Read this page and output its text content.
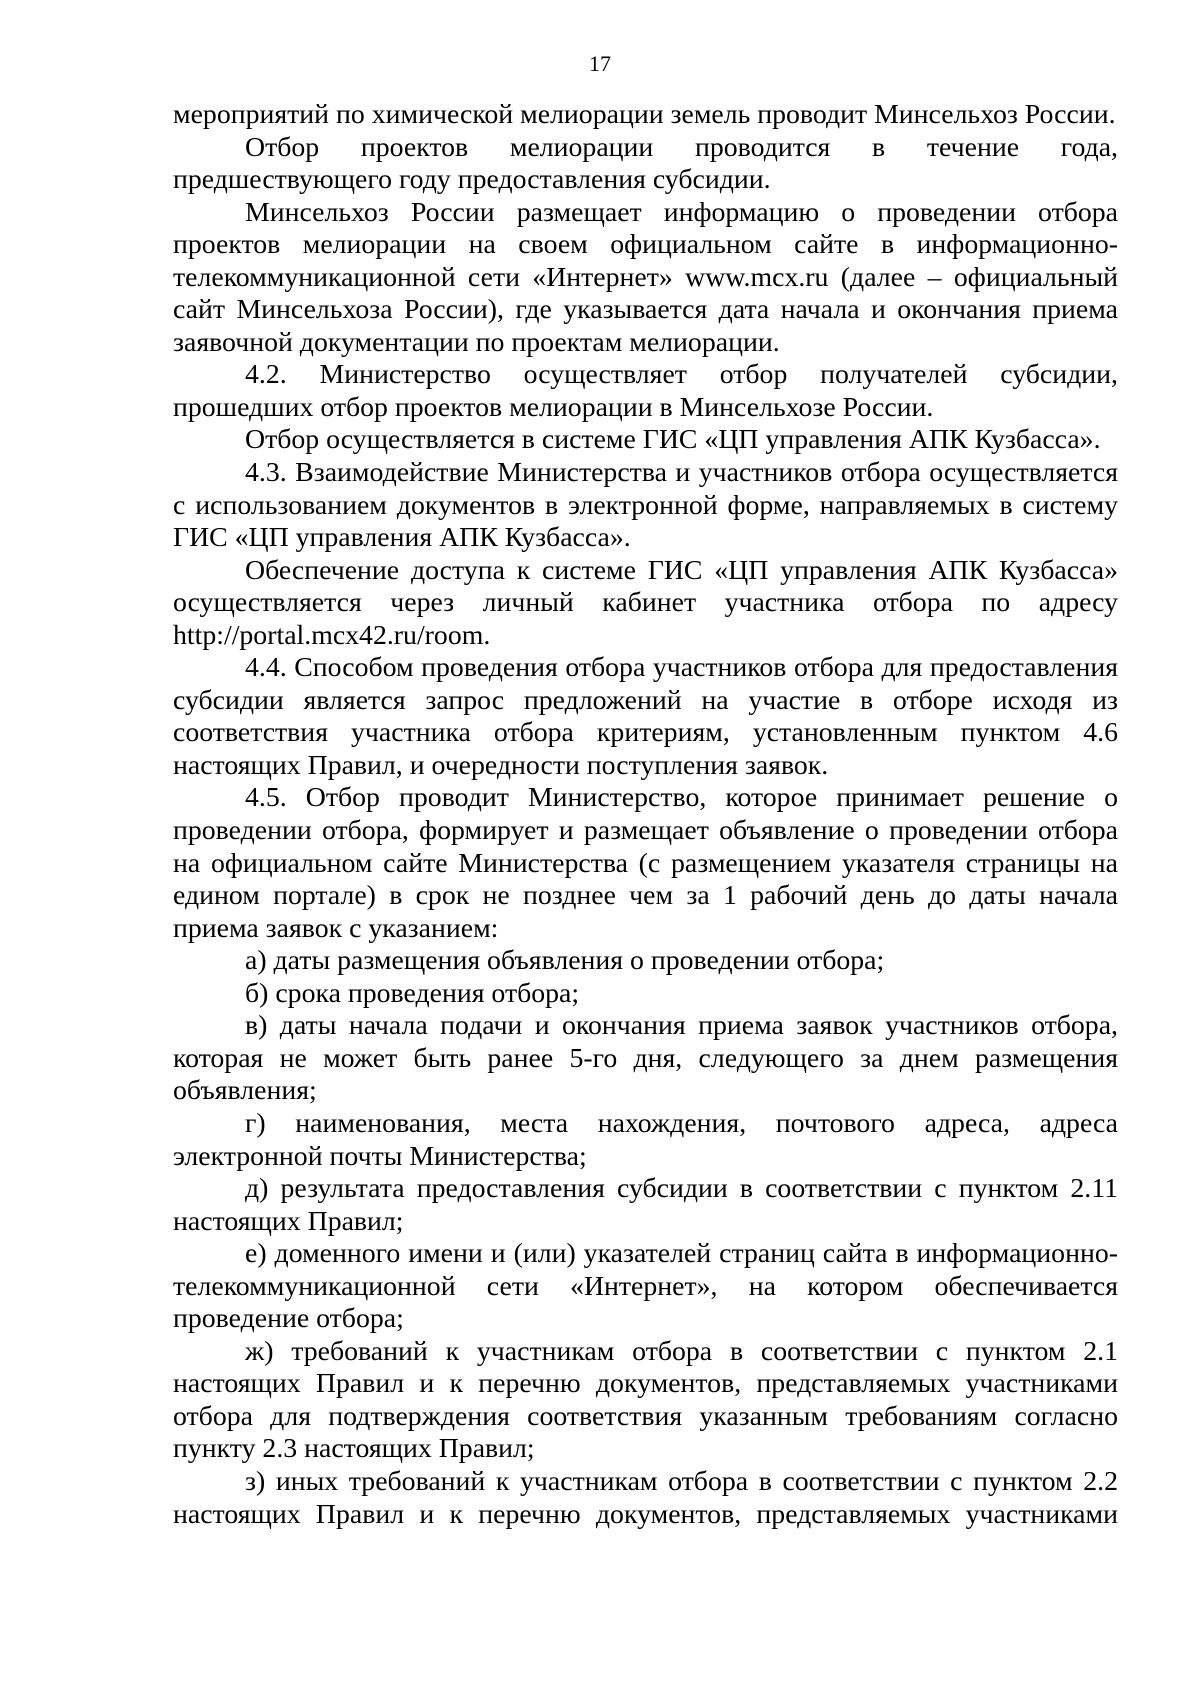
17

мероприятий по химической мелиорации земель проводит Минсельхоз России.

Отбор проектов мелиорации проводится в течение года, предшествующего году предоставления субсидии.

Минсельхоз России размещает информацию о проведении отбора проектов мелиорации на своем официальном сайте в информационно-телекоммуникационной сети «Интернет» www.mcx.ru (далее – официальный сайт Минсельхоза России), где указывается дата начала и окончания приема заявочной документации по проектам мелиорации.

4.2. Министерство осуществляет отбор получателей субсидии, прошедших отбор проектов мелиорации в Минсельхозе России.

Отбор осуществляется в системе ГИС «ЦП управления АПК Кузбасса».

4.3. Взаимодействие Министерства и участников отбора осуществляется с использованием документов в электронной форме, направляемых в систему ГИС «ЦП управления АПК Кузбасса».

Обеспечение доступа к системе ГИС «ЦП управления АПК Кузбасса» осуществляется через личный кабинет участника отбора по адресу http://portal.mcx42.ru/room.

4.4. Способом проведения отбора участников отбора для предоставления субсидии является запрос предложений на участие в отборе исходя из соответствия участника отбора критериям, установленным пунктом 4.6 настоящих Правил, и очередности поступления заявок.

4.5. Отбор проводит Министерство, которое принимает решение о проведении отбора, формирует и размещает объявление о проведении отбора на официальном сайте Министерства (с размещением указателя страницы на едином портале) в срок не позднее чем за 1 рабочий день до даты начала приема заявок с указанием:

а) даты размещения объявления о проведении отбора;

б) срока проведения отбора;

в) даты начала подачи и окончания приема заявок участников отбора, которая не может быть ранее 5-го дня, следующего за днем размещения объявления;

г) наименования, места нахождения, почтового адреса, адреса электронной почты Министерства;

д) результата предоставления субсидии в соответствии с пунктом 2.11 настоящих Правил;

е) доменного имени и (или) указателей страниц сайта в информационно-телекоммуникационной сети «Интернет», на котором обеспечивается проведение отбора;

ж) требований к участникам отбора в соответствии с пунктом 2.1 настоящих Правил и к перечню документов, представляемых участниками отбора для подтверждения соответствия указанным требованиям согласно пункту 2.3 настоящих Правил;

з) иных требований к участникам отбора в соответствии с пунктом 2.2 настоящих Правил и к перечню документов, представляемых участниками
